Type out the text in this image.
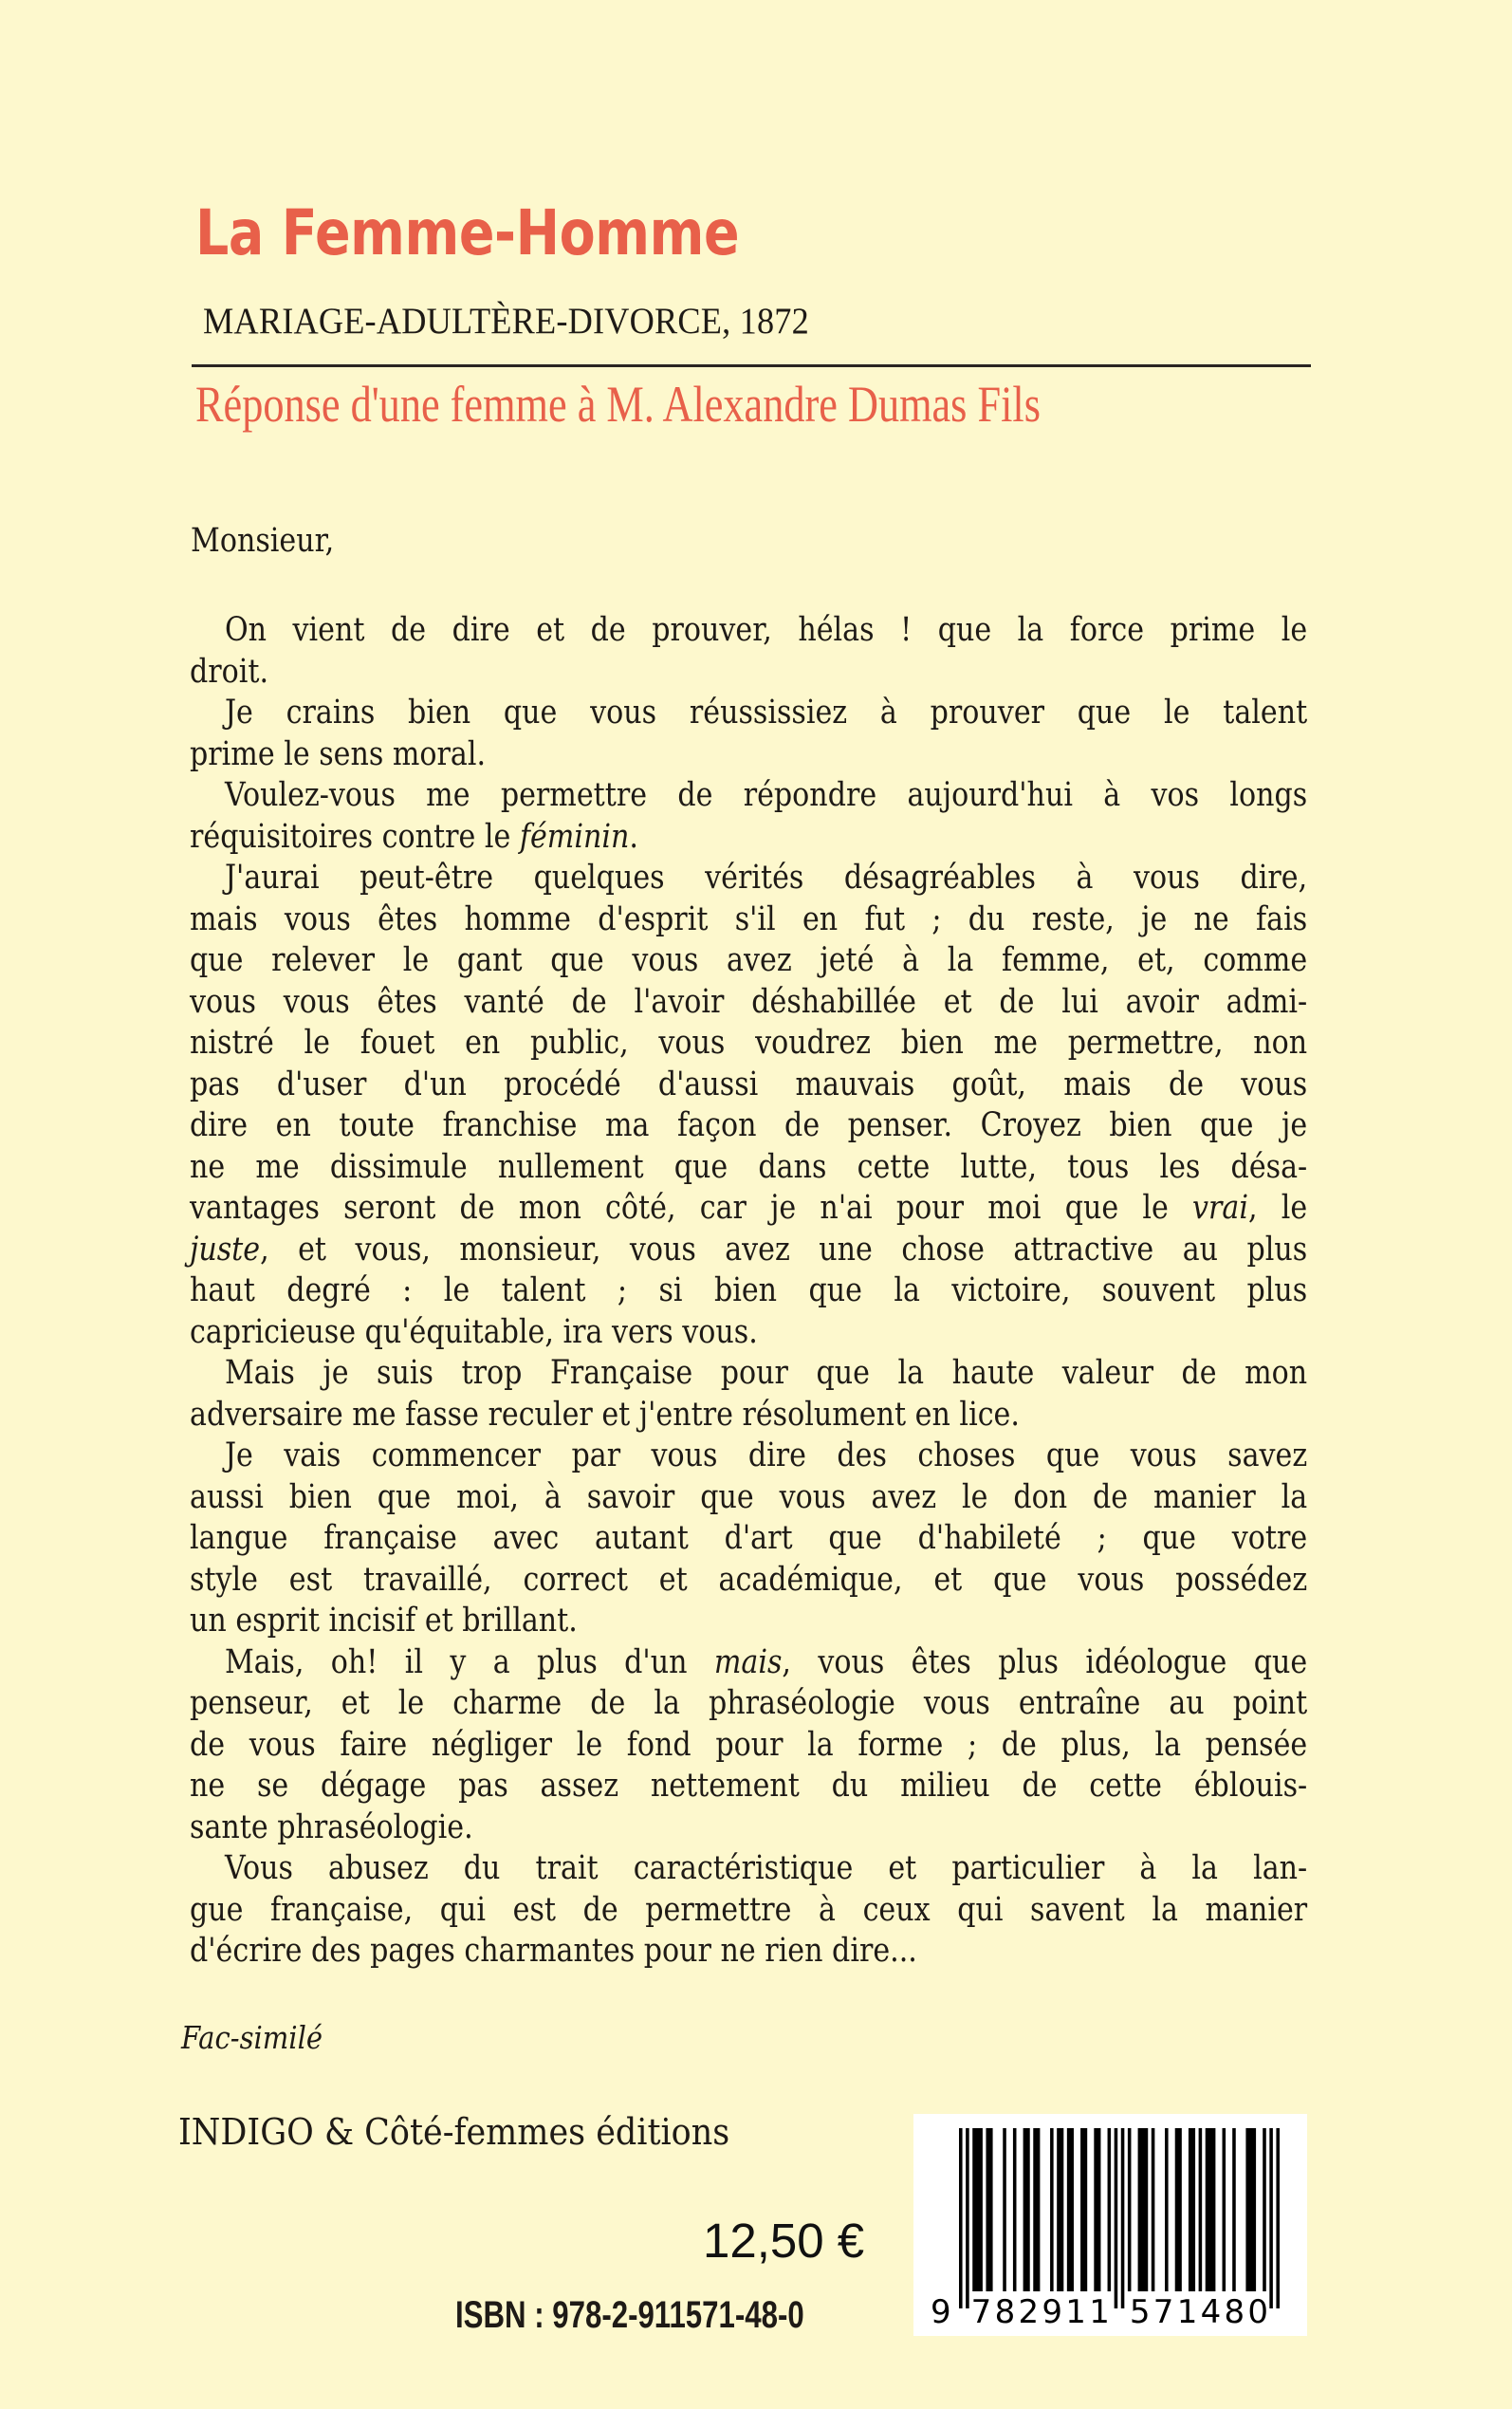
La Femme-Homme
MARIAGE-ADULTÈRE-DIVORCE, 1872
Réponse d'une femme à M. Alexandre Dumas Fils
Monsieur,
On vient de dire et de prouver, hélas ! que la force prime le
droit.
Je crains bien que vous réussissiez à prouver que le talent
prime le sens moral.
Voulez-vous me permettre de répondre aujourd'hui à vos longs
réquisitoires contre le féminin.
J'aurai peut-être quelques vérités désagréables à vous dire,
mais vous êtes homme d'esprit s'il en fut ; du reste, je ne fais
que relever le gant que vous avez jeté à la femme, et, comme
vous vous êtes vanté de l'avoir déshabillée et de lui avoir admi-
nistré le fouet en public, vous voudrez bien me permettre, non
pas d'user d'un procédé d'aussi mauvais goût, mais de vous
dire en toute franchise ma façon de penser. Croyez bien que je
ne me dissimule nullement que dans cette lutte, tous les désa-
vantages seront de mon côté, car je n'ai pour moi que le vrai, le
juste, et vous, monsieur, vous avez une chose attractive au plus
haut degré : le talent ; si bien que la victoire, souvent plus
capricieuse qu'équitable, ira vers vous.
Mais je suis trop Française pour que la haute valeur de mon
adversaire me fasse reculer et j'entre résolument en lice.
Je vais commencer par vous dire des choses que vous savez
aussi bien que moi, à savoir que vous avez le don de manier la
langue française avec autant d'art que d'habileté ; que votre
style est travaillé, correct et académique, et que vous possédez
un esprit incisif et brillant.
Mais, oh! il y a plus d'un mais, vous êtes plus idéologue que
penseur, et le charme de la phraséologie vous entraîne au point
de vous faire négliger le fond pour la forme ; de plus, la pensée
ne se dégage pas assez nettement du milieu de cette éblouis-
sante phraséologie.
Vous abusez du trait caractéristique et particulier à la lan-
gue française, qui est de permettre à ceux qui savent la manier
d'écrire des pages charmantes pour ne rien dire...
Fac-similé
INDIGO & Côté-femmes éditions
12,50 €
ISBN : 978-2-911571-48-0	9 7 8 2 9 1 1 5 7 1 4 8 0
